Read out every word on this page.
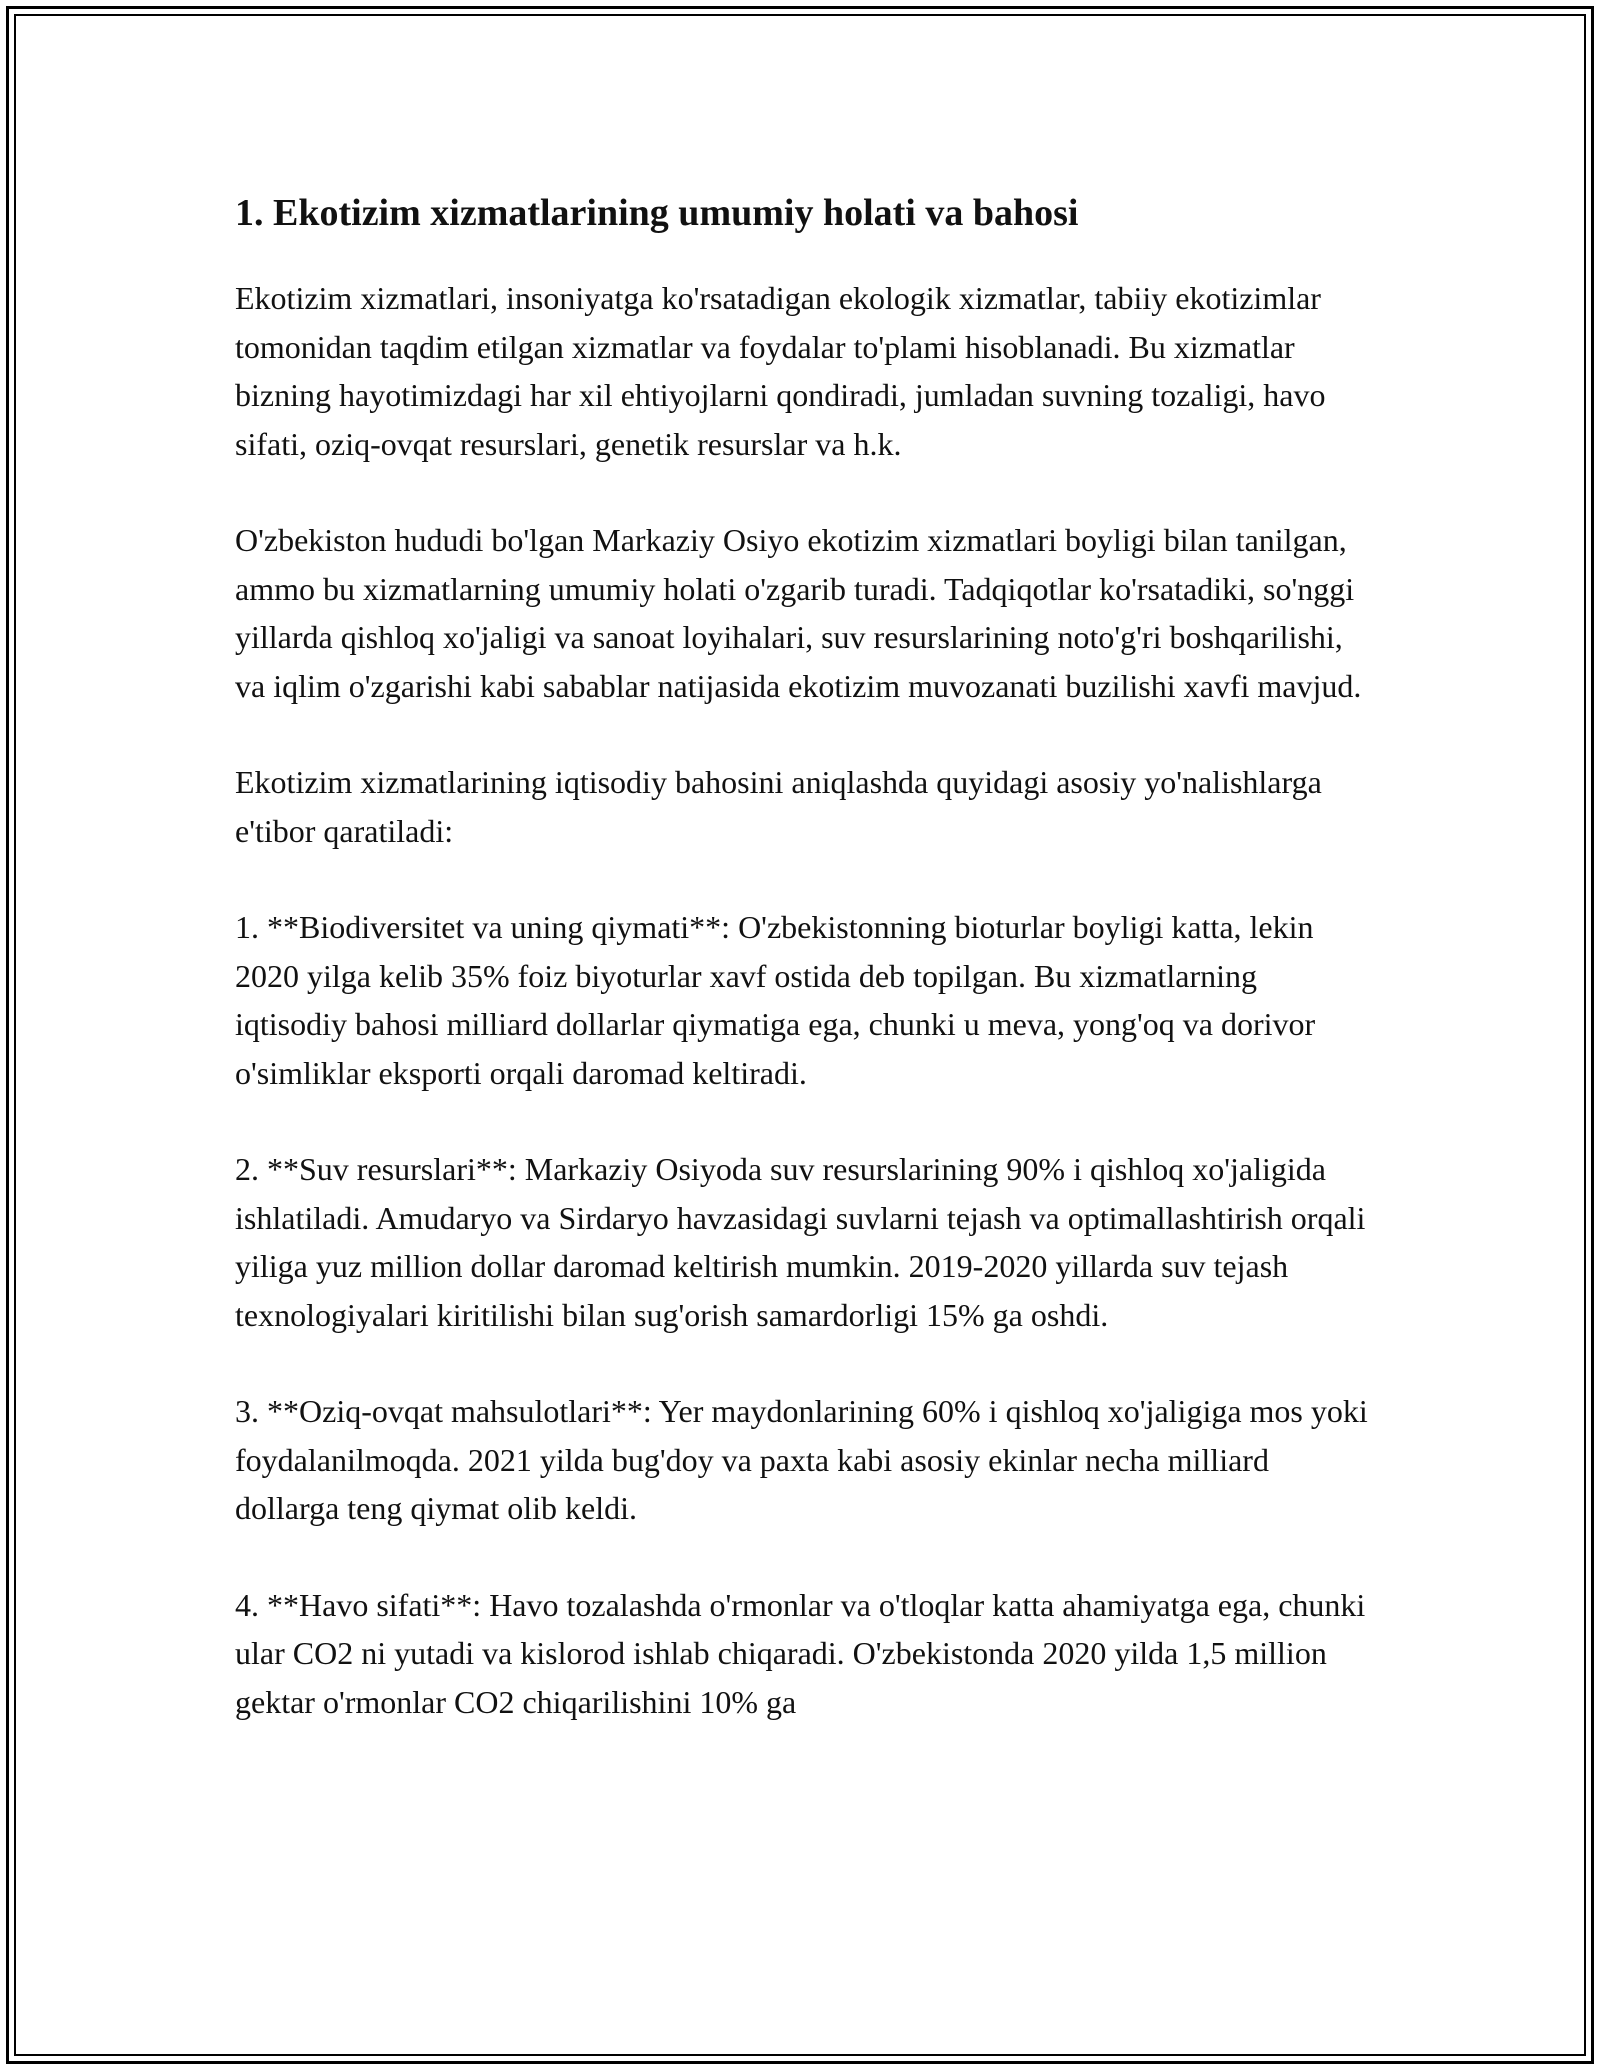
1. Ekotizim xizmatlarining umumiy holati va bahosi

Ekotizim xizmatlari, insoniyatga ko'rsatadigan ekologik xizmatlar, tabiiy ekotizimlar tomonidan taqdim etilgan xizmatlar va foydalar to'plami hisoblanadi. Bu xizmatlar bizning hayotimizdagi har xil ehtiyojlarni qondiradi, jumladan suvning tozaligi, havo sifati, oziq-ovqat resurslari, genetik resurslar va h.k.

O'zbekiston hududi bo'lgan Markaziy Osiyo ekotizim xizmatlari boyligi bilan tanilgan, ammo bu xizmatlarning umumiy holati o'zgarib turadi. Tadqiqotlar ko'rsatadiki, so'nggi yillarda qishloq xo'jaligi va sanoat loyihalari, suv resurslarining noto'g'ri boshqarilishi, va iqlim o'zgarishi kabi sabablar natijasida ekotizim muvozanati buzilishi xavfi mavjud.

Ekotizim xizmatlarining iqtisodiy bahosini aniqlashda quyidagi asosiy yo'nalishlarga e'tibor qaratiladi:

1. **Biodiversitet va uning qiymati**: O'zbekistonning bioturlar boyligi katta, lekin 2020 yilga kelib 35% foiz biyoturlar xavf ostida deb topilgan. Bu xizmatlarning iqtisodiy bahosi milliard dollarlar qiymatiga ega, chunki u meva, yong'oq va dorivor o'simliklar eksporti orqali daromad keltiradi.

2. **Suv resurslari**: Markaziy Osiyoda suv resurslarining 90% i qishloq xo'jaligida ishlatiladi. Amudaryo va Sirdaryo havzasidagi suvlarni tejash va optimallashtirish orqali yiliga yuz million dollar daromad keltirish mumkin. 2019-2020 yillarda suv tejash texnologiyalari kiritilishi bilan sug'orish samardorligi 15% ga oshdi.

3. **Oziq-ovqat mahsulotlari**: Yer maydonlarining 60% i qishloq xo'jaligiga mos yoki foydalanilmoqda. 2021 yilda bug'doy va paxta kabi asosiy ekinlar necha milliard dollarga teng qiymat olib keldi.

4. **Havo sifati**: Havo tozalashda o'rmonlar va o'tloqlar katta ahamiyatga ega, chunki ular CO2 ni yutadi va kislorod ishlab chiqaradi. O'zbekistonda 2020 yilda 1,5 million gektar o'rmonlar CO2 chiqarilishini 10% ga
